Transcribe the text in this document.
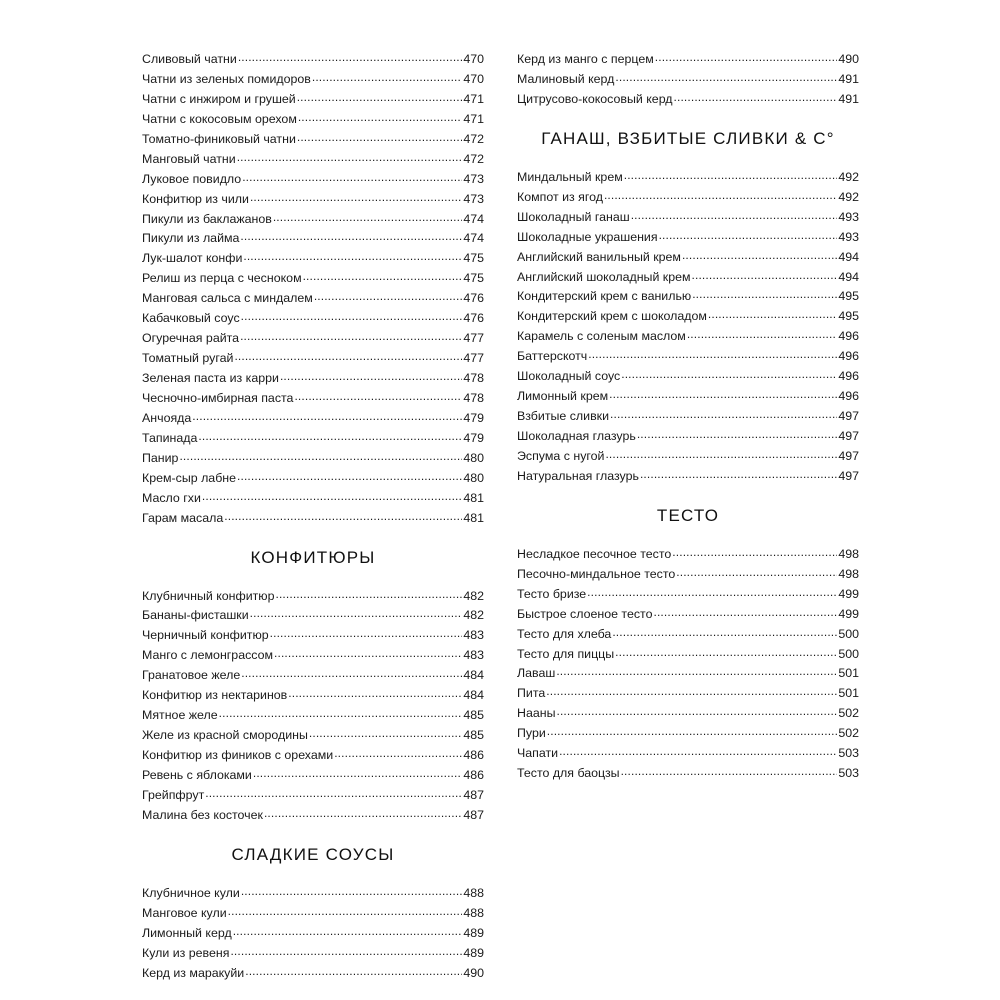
Сливовый чатни . . .	470
Чатни из зеленых помидоров . . .	470
Чатни с инжиром и грушей . . .	471
Чатни с кокосовым орехом . . .	471
Томатно-финиковый чатни . . .	472
Манговый чатни . . .	472
Луковое повидло . . .	473
Конфитюр из чили . . .	473
Пикули из баклажанов . . .	474
Пикули из лайма . . .	474
Лук-шалот конфи . . .	475
Релиш из перца с чесноком . . .	475
Манговая сальса с миндалем . . .	476
Кабачковый соус . . .	476
Огуречная райта . . .	477
Томатный ругай . . .	477
Зеленая паста из карри . . .	478
Чесночно-имбирная паста . . .	478
Анчояда . . .	479
Тапинада . . .	479
Панир . . .	480
Крем-сыр лабне . . .	480
Масло гхи . . .	481
Гарам масала . . .	481
КОНФИТЮРЫ
Клубничный конфитюр . . .	482
Бананы-фисташки . . .	482
Черничный конфитюр . . .	483
Манго с лемонграссом . . .	483
Гранатовое желе . . .	484
Конфитюр из нектаринов . . .	484
Мятное желе . . .	485
Желе из красной смородины . . .	485
Конфитюр из фиников с орехами . . .	486
Ревень с яблоками . . .	486
Грейпфрут . . .	487
Малина без косточек . . .	487
СЛАДКИЕ СОУСЫ
Клубничное кули . . .	488
Манговое кули . . .	488
Лимонный керд . . .	489
Кули из ревеня . . .	489
Керд из маракуйи . . .	490
Керд из манго с перцем . . .	490
Малиновый керд . . .	491
Цитрусово-кокосовый керд . . .	491
ГАНАШ, ВЗБИТЫЕ СЛИВКИ & C°
Миндальный крем . . .	492
Компот из ягод . . .	492
Шоколадный ганаш . . .	493
Шоколадные украшения . . .	493
Английский ванильный крем . . .	494
Английский шоколадный крем . . .	494
Кондитерский крем с ванилью . . .	495
Кондитерский крем с шоколадом . . .	495
Карамель с соленым маслом . . .	496
Баттерскотч . . .	496
Шоколадный соус . . .	496
Лимонный крем . . .	496
Взбитые сливки . . .	497
Шоколадная глазурь . . .	497
Эспума с нугой . . .	497
Натуральная глазурь . . .	497
ТЕСТО
Несладкое песочное тесто . . .	498
Песочно-миндальное тесто . . .	498
Тесто бризе . . .	499
Быстрое слоеное тесто . . .	499
Тесто для хлеба . . .	500
Тесто для пиццы . . .	500
Лаваш . . .	501
Пита . . .	501
Нааны . . .	502
Пури . . .	502
Чапати . . .	503
Тесто для баоцзы . . .	503
